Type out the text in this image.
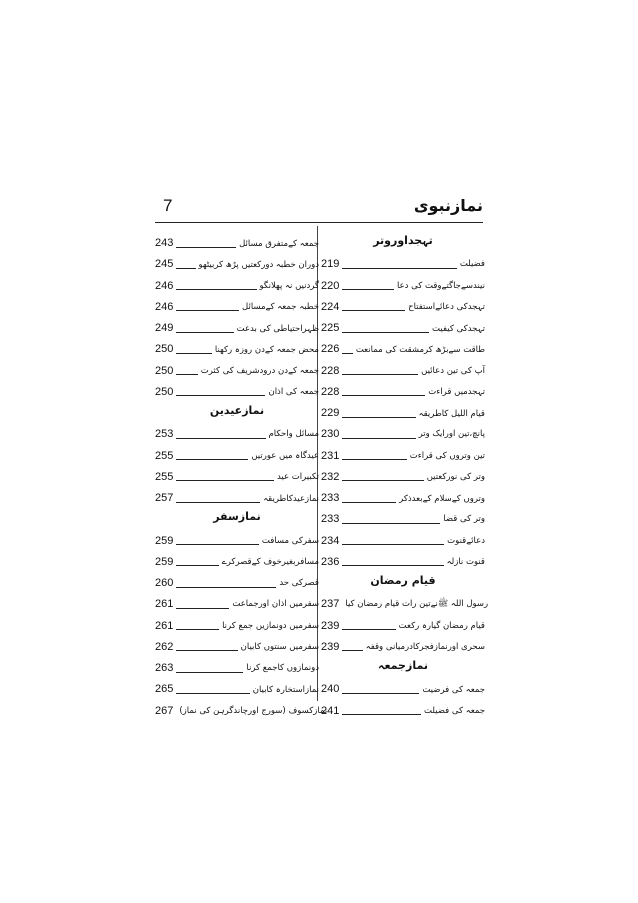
نمازنبوی
7
تہجداوروتر
219	فضیلت
220	نیندسےجاگتےوقت کی دعا
224	تہجدکی دعائےاستفتاح
225	تہجدکی کیفیت
226 طاقت سےبڑھ کرمشقت کی ممانعت
228	آپ کی تین دعائیں
228	تہجدمیں قراءت
229	قیام اللیل کاطریقہ
230	پانچ،تین اورایک وتر
231	تین وتروں کی قراءت
232	وتر کی نورکعتیں
233	وتروں کےسلام کےبعدذکر
233	وتر کی قضا
234	دعائےقنوت
236	قنوت نازلہ
قیام رمضان
237 رسول اللہ ﷺنےتین رات قیام رمضان کیا
239	قیام رمضان گیارہ رکعت
239	سحری اورنمازفجرکادرمیانی وقفہ
نمازجمعہ
240	جمعہ کی فرضیت
241	جمعہ کی فضیلت
243	جمعہ کےمتفرق مسائل
245	دوران خطبہ دورکعتیں پڑھ کربیٹھو
246	گردنیں نہ پھلانگو
246	خطبہ جمعہ کےمسائل
249	ظہراحتیاطی کی بدعت
250	محض جمعہ کےدن روزہ رکھنا
250	جمعہ کےدن درودشریف کی کثرت
250	جمعہ کی اذان
نمازعیدین
253	مسائل واحکام
255	عیدگاہ میں عورتیں
255	تکبیرات عید
257	نمازعیدکاطریقہ
نمازسفر
259	سفرکی مسافت
259	مسافربغیرخوف کےقصرکرے
260	قصرکی حد
261	سفرمیں اذان اورجماعت
261	سفرمیں دونمازیں جمع کرنا
262	سفرمیں سنتوں کابیان
263	دونمازوں کاجمع کرنا
265	نمازاستخارہ کابیان
267 نمازکسوف (سورج اورچاندگرہن کی نماز)
